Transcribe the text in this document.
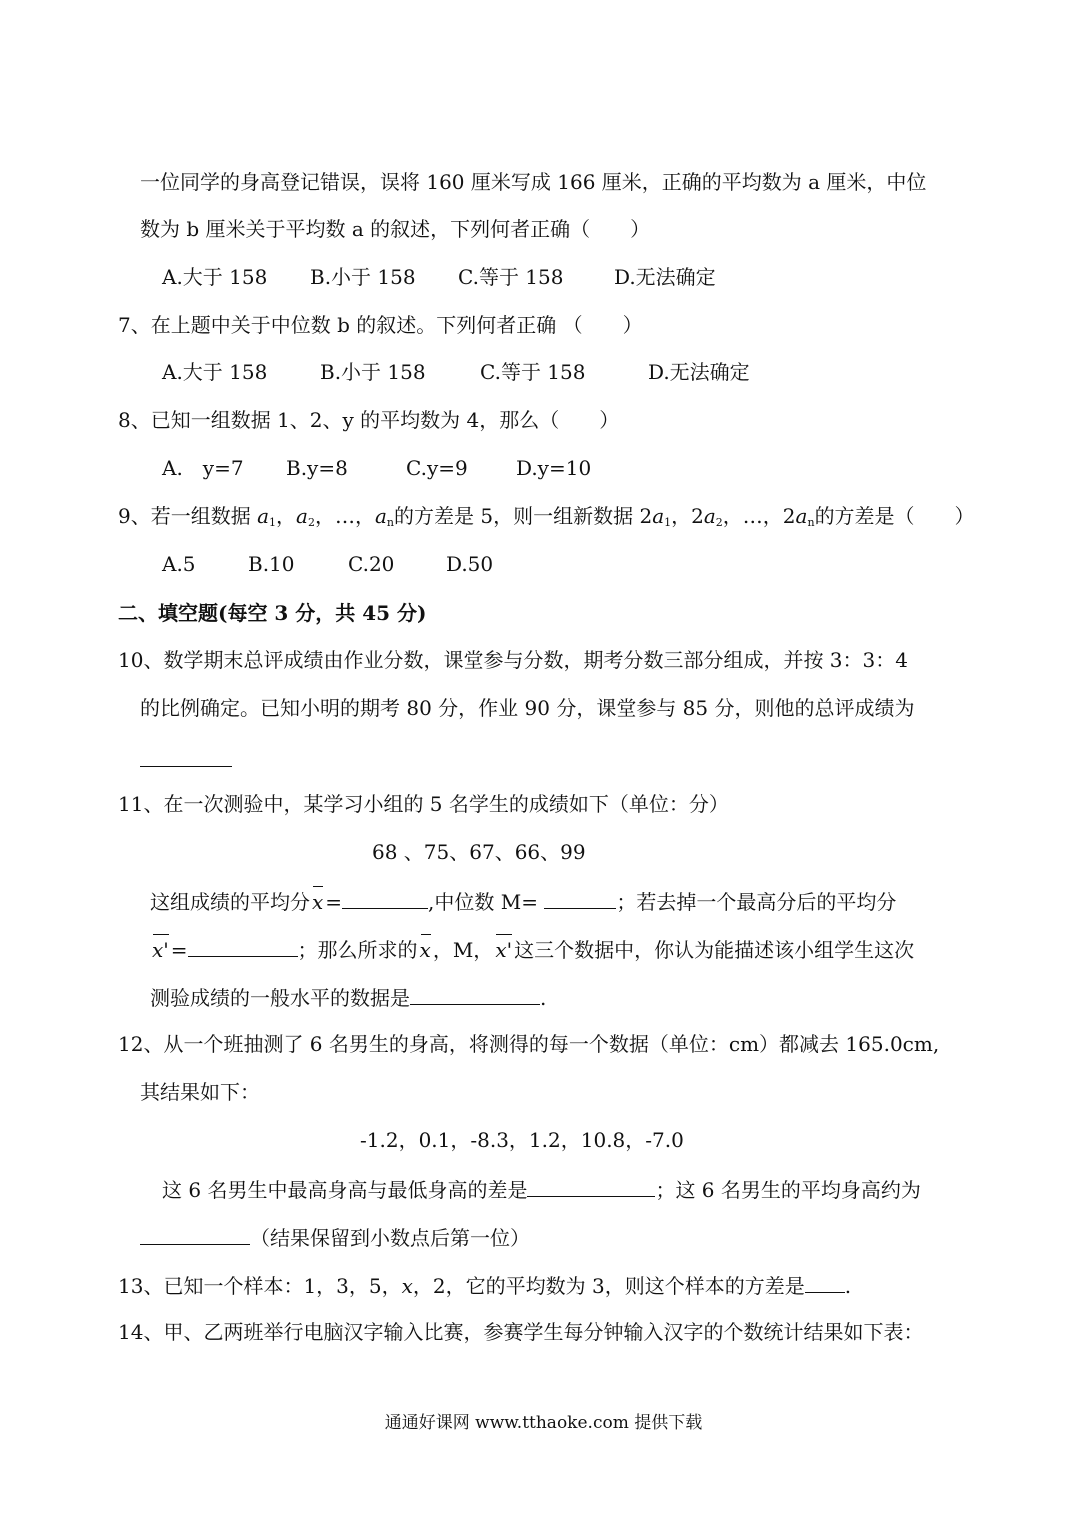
一位同学的身高登记错误，误将 160 厘米写成 166 厘米，正确的平均数为 a 厘米，中位
数为 b 厘米关于平均数 a 的叙述，下列何者正确（　　）
A.大于 158 B.小于 158 C.等于 158	D.无法确定
7、在上题中关于中位数 b 的叙述。下列何者正确 （　　）
A.大于 158	B.小于 158	C.等于 158	D.无法确定
8、已知一组数据 1、2、y 的平均数为 4，那么（　　）
A.　y=7 B.y=8	C.y=9 D.y=10
9、若一组数据 $a_1$，$a_2$，…，$a_n$的方差是 5，则一组新数据 $2a_1$，$2a_2$，…，$2a_n$的方差是（　　）
A.5	B.10	C.20	D.50
二、填空题(每空 3 分，共 45 分)
10、数学期末总评成绩由作业分数，课堂参与分数，期考分数三部分组成，并按 3：3：4
的比例确定。已知小明的期考 80 分，作业 90 分，课堂参与 85 分，则他的总评成绩为
11、在一次测验中，某学习小组的 5 名学生的成绩如下（单位：分）
68 、75、67、66、99
这组成绩的平均分 x =	,中位数 M=	；若去掉一个最高分后的平均分
x' =	；那么所求的 x ，M， x' 这三个数据中，你认为能描述该小组学生这次
测验成绩的一般水平的数据是	.
12、从一个班抽测了 6 名男生的身高，将测得的每一个数据（单位：cm）都减去 165.0cm,
其结果如下：
-1.2，0.1，-8.3，1.2，10.8，-7.0
这 6 名男生中最高身高与最低身高的差是	；这 6 名男生的平均身高约为
（结果保留到小数点后第一位）
13、已知一个样本：1，3，5，x，2，它的平均数为 3，则这个样本的方差是 .
14、甲、乙两班举行电脑汉字输入比赛，参赛学生每分钟输入汉字的个数统计结果如下表：
通通好课网 www.tthaoke.com 提供下载
